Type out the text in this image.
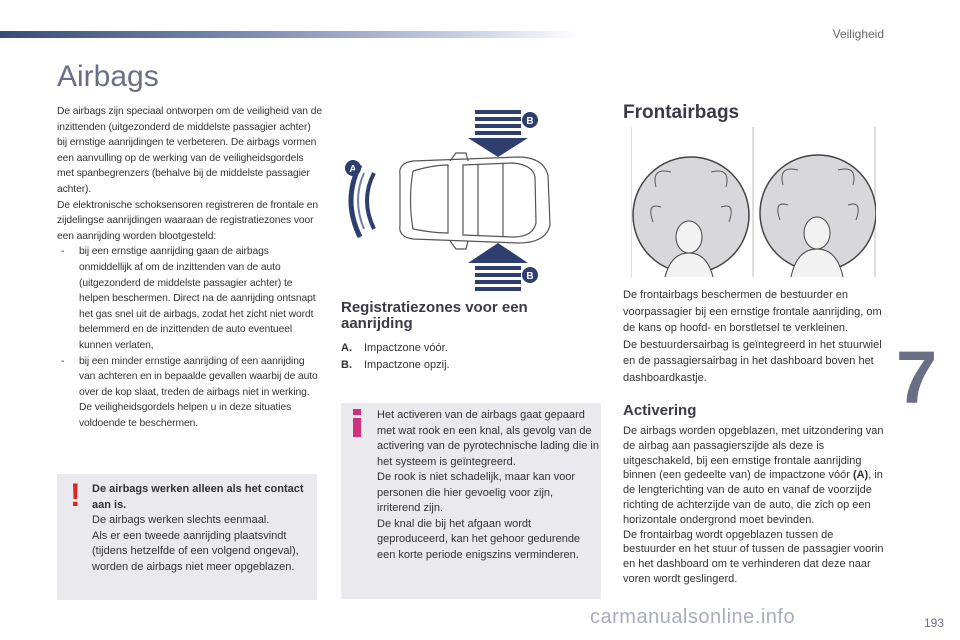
Veiligheid
Airbags

De airbags zijn speciaal ontworpen om de veiligheid van de inzittenden (uitgezonderd de middelste passagier achter) bij ernstige aanrijdingen te verbeteren. De airbags vormen een aanvulling op de werking van de veiligheidsgordels met spanbegrenzers (behalve bij de middelste passagier achter).

De elektronische schoksensoren registreren de frontale en zijdelingse aanrijdingen waaraan de registratiezones voor een aanrijding worden blootgesteld:

- bij een ernstige aanrijding gaan de airbags onmiddellijk af om de inzittenden van de auto (uitgezonderd de middelste passagier achter) te helpen beschermen. Direct na de aanrijding ontsnapt het gas snel uit de airbags, zodat het zicht niet wordt belemmerd en de inzittenden de auto eventueel kunnen verlaten,
- bij een minder ernstige aanrijding of een aanrijding van achteren en in bepaalde gevallen waarbij de auto over de kop slaat, treden de airbags niet in werking. De veiligheidsgordels helpen u in deze situaties voldoende te beschermen.
! De airbags werken alleen als het contact aan is.

De airbags werken slechts eenmaal.

Als er een tweede aanrijding plaatsvindt (tijdens hetzelfde of een volgend ongeval), worden de airbags niet meer opgeblazen.

B
A
B
Registratiezones voor een aanrijding
A. Impactzone vóór.
B. Impactzone opzij.

Het activeren van de airbags gaat gepaard met wat rook en een knal, als gevolg van de activering van de pyrotechnische lading die in het systeem is geïntegreerd.

De rook is niet schadelijk, maar kan voor personen die hier gevoelig voor zijn, irriterend zijn.

De knal die bij het afgaan wordt geproduceerd, kan het gehoor gedurende een korte periode enigszins verminderen.

Frontairbags

De frontairbags beschermen de bestuurder en voorpassagier bij een ernstige frontale aanrijding, om de kans op hoofd- en borstletsel te verkleinen.

De bestuurdersairbag is geïntegreerd in het stuurwiel en de passagiersairbag in het dashboard boven het dashboardkastje.

Activering

De airbags worden opgeblazen, met uitzondering van de airbag aan passagierszijde als deze is uitgeschakeld, bij een ernstige frontale aanrijding binnen (een gedeelte van) de impactzone vóór (A), in de lengterichting van de auto en vanaf de voorzijde richting de achterzijde van de auto, die zich op een horizontale ondergrond moet bevinden.

De frontairbag wordt opgeblazen tussen de bestuurder en het stuur of tussen de passagier voorin en het dashboard om te verhinderen dat deze naar voren wordt geslingerd.

7
carmanualsonline.info	193
